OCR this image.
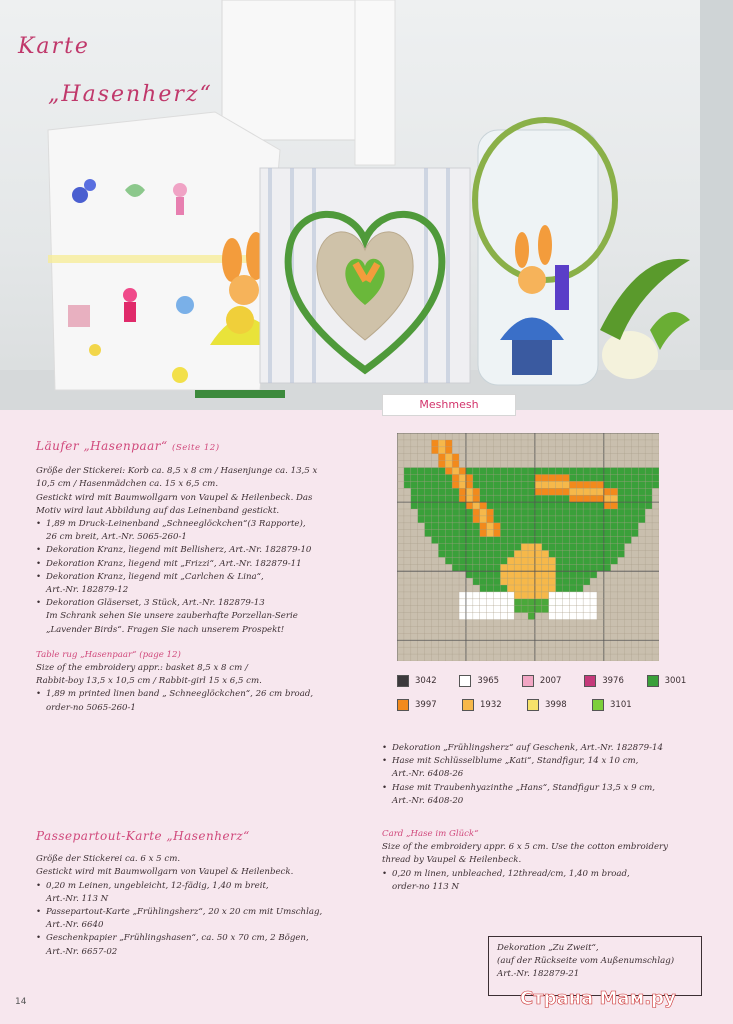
Karte
„Hasenherz“
Meshmesh
Läufer „Hasenpaar“ (Seite 12)
Größe der Stickerei: Korb ca. 8,5 x 8 cm / Hasenjunge ca. 13,5 x
10,5 cm / Hasenmädchen ca. 15 x 6,5 cm.
Gestickt wird mit Baumwollgarn von Vaupel & Heilenbeck. Das
Motiv wird laut Abbildung auf das Leinenband gestickt.
• 1,89 m Druck-Leinenband „Schneeglöckchen“(3 Rapporte),
26 cm breit, Art.-Nr. 5065-260-1
• Dekoration Kranz, liegend mit Bellisherz, Art.-Nr. 182879-10
• Dekoration Kranz, liegend mit „Frizzi“, Art.-Nr. 182879-11
• Dekoration Kranz, liegend mit „Carlchen & Lina“,
Art.-Nr. 182879-12
• Dekoration Gläserset, 3 Stück, Art.-Nr. 182879-13
Im Schrank sehen Sie unsere zauberhafte Porzellan-Serie
„Lavender Birds“. Fragen Sie nach unserem Prospekt!
Table rug „Hasenpaar“ (page 12)
Size of the embroidery appr.: basket 8,5 x 8 cm /
Rabbit-boy 13,5 x 10,5 cm / Rabbit-girl 15 x 6,5 cm.
• 1,89 m printed linen band „ Schneeglöckchen“, 26 cm broad,
order-no 5065-260-1
Passepartout-Karte „Hasenherz“
Größe der Stickerei ca. 6 x 5 cm.
Gestickt wird mit Baumwollgarn von Vaupel & Heilenbeck.
• 0,20 m Leinen, ungebleicht, 12-fädig, 1,40 m breit,
Art.-Nr. 113 N
• Passepartout-Karte „Frühlingsherz“, 20 x 20 cm mit Umschlag,
Art.-Nr. 6640
• Geschenkpapier „Frühlingshasen“, ca. 50 x 70 cm, 2 Bögen,
Art.-Nr. 6657-02
3042	3965	2007	3976	3001
3997	1932	3998	3101
• Dekoration „Frühlingsherz“ auf Geschenk, Art.-Nr. 182879-14
• Hase mit Schlüsselblume „Kati“, Standfigur, 14 x 10 cm,
Art.-Nr. 6408-26
• Hase mit Traubenhyazinthe „Hans“, Standfigur 13,5 x 9 cm,
Art.-Nr. 6408-20
Card „Hase im Glück“
Size of the embroidery appr. 6 x 5 cm. Use the cotton embroidery
thread by Vaupel & Heilenbeck.
• 0,20 m linen, unbleached, 12thread/cm, 1,40 m broad,
order-no 113 N
Dekoration „Zu Zweit“,
(auf der Rückseite vom Außenumschlag)
Art.-Nr. 182879-21
14	Страна Мам.ру
